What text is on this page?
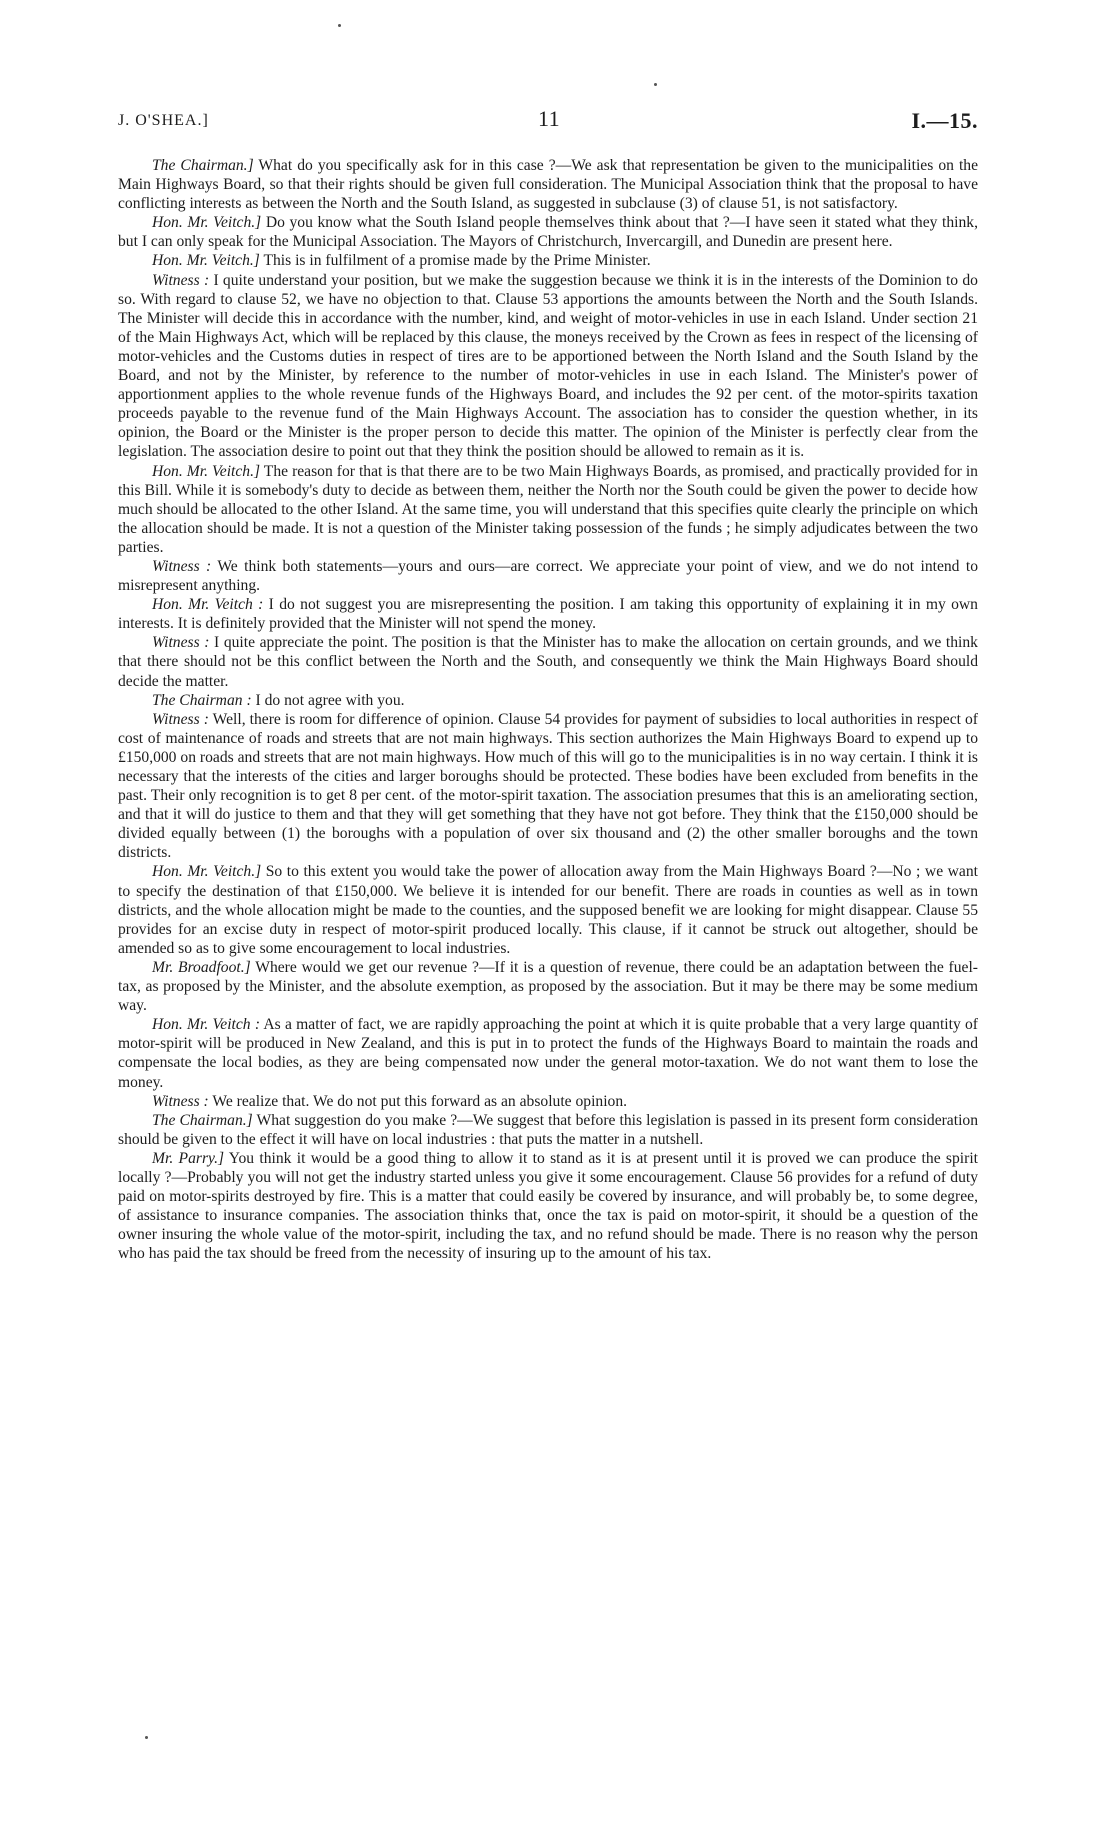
J. O'SHEA.]	11	I.—15.

The Chairman.] What do you specifically ask for in this case ?—We ask that representation be given to the municipalities on the Main Highways Board, so that their rights should be given full consideration. The Municipal Association think that the proposal to have conflicting interests as between the North and the South Island, as suggested in subclause (3) of clause 51, is not satisfactory.

Hon. Mr. Veitch.] Do you know what the South Island people themselves think about that ?—I have seen it stated what they think, but I can only speak for the Municipal Association. The Mayors of Christchurch, Invercargill, and Dunedin are present here.

Hon. Mr. Veitch.] This is in fulfilment of a promise made by the Prime Minister.

Witness : I quite understand your position, but we make the suggestion because we think it is in the interests of the Dominion to do so. With regard to clause 52, we have no objection to that. Clause 53 apportions the amounts between the North and the South Islands. The Minister will decide this in accordance with the number, kind, and weight of motor-vehicles in use in each Island. Under section 21 of the Main Highways Act, which will be replaced by this clause, the moneys received by the Crown as fees in respect of the licensing of motor-vehicles and the Customs duties in respect of tires are to be apportioned between the North Island and the South Island by the Board, and not by the Minister, by reference to the number of motor-vehicles in use in each Island. The Minister's power of apportionment applies to the whole revenue funds of the Highways Board, and includes the 92 per cent. of the motor-spirits taxation proceeds payable to the revenue fund of the Main Highways Account. The association has to consider the question whether, in its opinion, the Board or the Minister is the proper person to decide this matter. The opinion of the Minister is perfectly clear from the legislation. The association desire to point out that they think the position should be allowed to remain as it is.

Hon. Mr. Veitch.] The reason for that is that there are to be two Main Highways Boards, as promised, and practically provided for in this Bill. While it is somebody's duty to decide as between them, neither the North nor the South could be given the power to decide how much should be allocated to the other Island. At the same time, you will understand that this specifies quite clearly the principle on which the allocation should be made. It is not a question of the Minister taking possession of the funds ; he simply adjudicates between the two parties.

Witness : We think both statements—yours and ours—are correct. We appreciate your point of view, and we do not intend to misrepresent anything.

Hon. Mr. Veitch : I do not suggest you are misrepresenting the position. I am taking this opportunity of explaining it in my own interests. It is definitely provided that the Minister will not spend the money.

Witness : I quite appreciate the point. The position is that the Minister has to make the allocation on certain grounds, and we think that there should not be this conflict between the North and the South, and consequently we think the Main Highways Board should decide the matter.

The Chairman : I do not agree with you.

Witness : Well, there is room for difference of opinion. Clause 54 provides for payment of subsidies to local authorities in respect of cost of maintenance of roads and streets that are not main highways. This section authorizes the Main Highways Board to expend up to £150,000 on roads and streets that are not main highways. How much of this will go to the municipalities is in no way certain. I think it is necessary that the interests of the cities and larger boroughs should be protected. These bodies have been excluded from benefits in the past. Their only recognition is to get 8 per cent. of the motor-spirit taxation. The association presumes that this is an ameliorating section, and that it will do justice to them and that they will get something that they have not got before. They think that the £150,000 should be divided equally between (1) the boroughs with a population of over six thousand and (2) the other smaller boroughs and the town districts.

Hon. Mr. Veitch.] So to this extent you would take the power of allocation away from the Main Highways Board ?—No ; we want to specify the destination of that £150,000. We believe it is intended for our benefit. There are roads in counties as well as in town districts, and the whole allocation might be made to the counties, and the supposed benefit we are looking for might disappear. Clause 55 provides for an excise duty in respect of motor-spirit produced locally. This clause, if it cannot be struck out altogether, should be amended so as to give some encouragement to local industries.

Mr. Broadfoot.] Where would we get our revenue ?—If it is a question of revenue, there could be an adaptation between the fuel-tax, as proposed by the Minister, and the absolute exemption, as proposed by the association. But it may be there may be some medium way.

Hon. Mr. Veitch : As a matter of fact, we are rapidly approaching the point at which it is quite probable that a very large quantity of motor-spirit will be produced in New Zealand, and this is put in to protect the funds of the Highways Board to maintain the roads and compensate the local bodies, as they are being compensated now under the general motor-taxation. We do not want them to lose the money.

Witness : We realize that. We do not put this forward as an absolute opinion.

The Chairman.] What suggestion do you make ?—We suggest that before this legislation is passed in its present form consideration should be given to the effect it will have on local industries : that puts the matter in a nutshell.

Mr. Parry.] You think it would be a good thing to allow it to stand as it is at present until it is proved we can produce the spirit locally ?—Probably you will not get the industry started unless you give it some encouragement. Clause 56 provides for a refund of duty paid on motor-spirits destroyed by fire. This is a matter that could easily be covered by insurance, and will probably be, to some degree, of assistance to insurance companies. The association thinks that, once the tax is paid on motor-spirit, it should be a question of the owner insuring the whole value of the motor-spirit, including the tax, and no refund should be made. There is no reason why the person who has paid the tax should be freed from the necessity of insuring up to the amount of his tax.
